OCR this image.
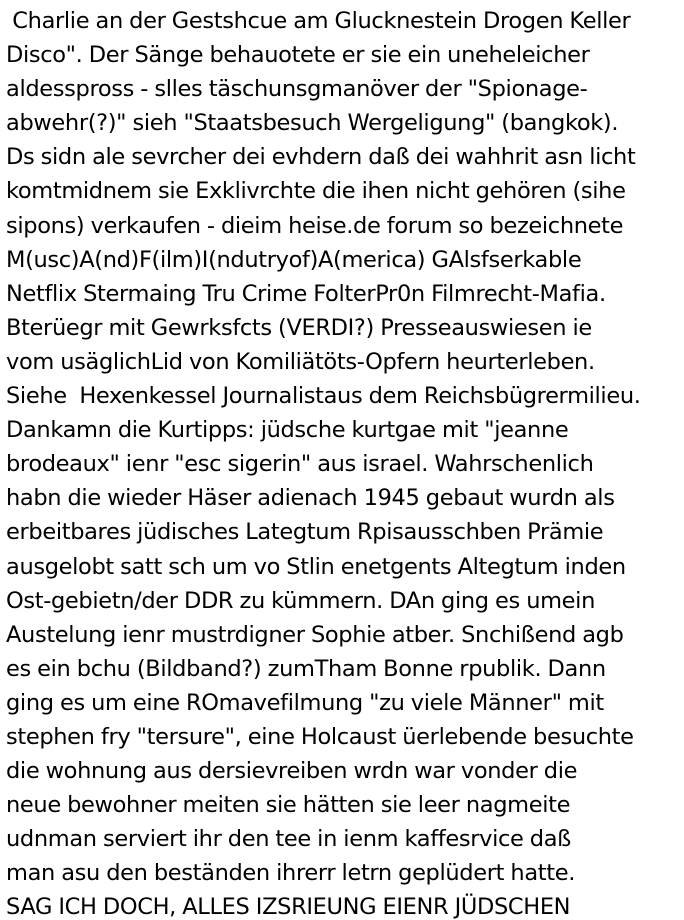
Charlie an der Gestshcue am Glucknestein Drogen Keller
Disco". Der Sänge behauotete er sie ein uneheleicher
aldesspross - slles täschunsgmanöver der "Spionage-
abwehr(?)" sieh "Staatsbesuch Wergeligung" (bangkok).
Ds sidn ale sevrcher dei evhdern daß dei wahhrit asn licht
komtmidnem sie Exklivrchte die ihen nicht gehören (sihe
sipons) verkaufen - dieim heise.de forum so bezeichnete
M(usc)A(nd)F(ilm)I(ndutryof)A(merica) GAlsfserkable
Netflix Stermaing Tru Crime FolterPr0n Filmrecht-Mafia.
Bterüegr mit Gewrksfcts (VERDI?) Presseauswiesen ie
vom usäglichLid von Komiliätöts-Opfern heurterleben.
Siehe  Hexenkessel Journalistaus dem Reichsbügrermilieu.
Dankamn die Kurtipps: jüdsche kurtgae mit "jeanne
brodeaux" ienr "esc sigerin" aus israel. Wahrschenlich
habn die wieder Häser adienach 1945 gebaut wurdn als
erbeitbares jüdisches Lategtum Rpisausschben Prämie
ausgelobt satt sch um vo Stlin enetgents Altegtum inden
Ost-gebietn/der DDR zu kümmern. DAn ging es umein
Austelung ienr mustrdigner Sophie atber. Snchißend agb
es ein bchu (Bildband?) zumTham Bonne rpublik. Dann
ging es um eine ROmavefilmung "zu viele Männer" mit
stephen fry "tersure", eine Holcaust üerlebende besuchte
die wohnung aus dersievreiben wrdn war vonder die
neue bewohner meiten sie hätten sie leer nagmeite
udnman serviert ihr den tee in ienm kaffesrvice daß
man asu den beständen ihrerr letrn geplüdert hatte.
SAG ICH DOCH, ALLES IZSRIEUNG EIENR JÜDSCHEN
